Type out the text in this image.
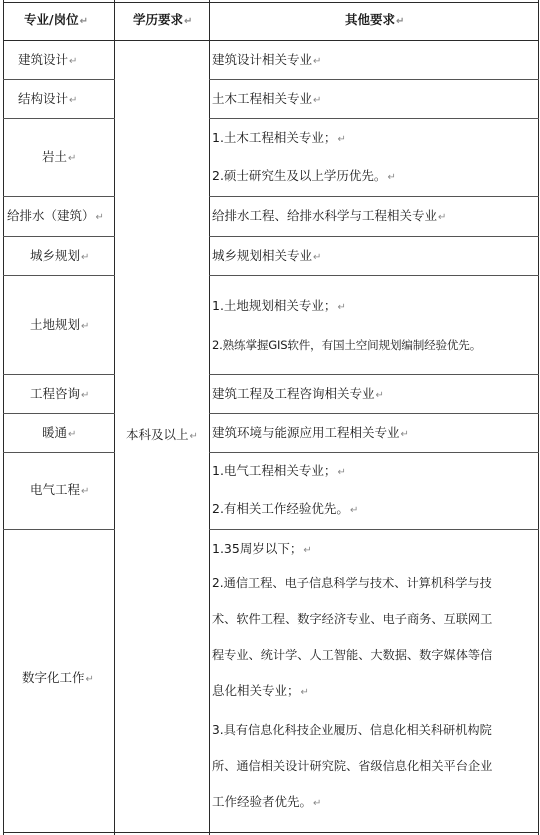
专业/岗位↵	学历要求↵	其他要求↵
本科及以上↵
建筑设计↵
结构设计↵
岩土↵
给排水（建筑）↵
城乡规划↵
土地规划↵
工程咨询↵
暖通↵
电气工程↵
数字化工作↵
建筑设计相关专业↵
土木工程相关专业↵
1.土木工程相关专业；↵
2.硕士研究生及以上学历优先。↵
给排水工程、给排水科学与工程相关专业↵
城乡规划相关专业↵
1.土地规划相关专业；↵
2.熟练掌握GIS软件，有国土空间规划编制经验优先。
建筑工程及工程咨询相关专业↵
建筑环境与能源应用工程相关专业↵
1.电气工程相关专业；↵
2.有相关工作经验优先。↵
1.35周岁以下；↵
2.通信工程、电子信息科学与技术、计算机科学与技
术、软件工程、数字经济专业、电子商务、互联网工
程专业、统计学、人工智能、大数据、数字媒体等信
息化相关专业；↵
3.具有信息化科技企业履历、信息化相关科研机构院
所、通信相关设计研究院、省级信息化相关平台企业
工作经验者优先。↵
